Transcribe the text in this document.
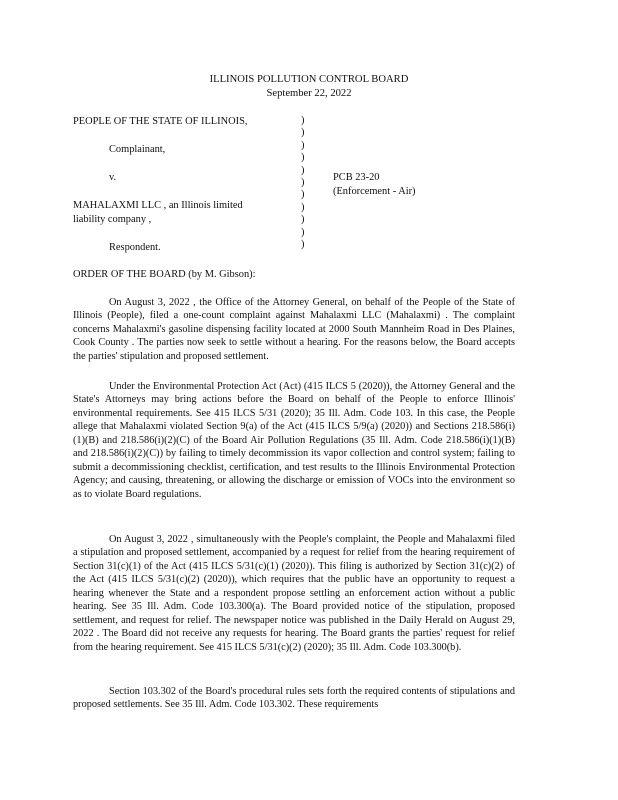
ILLINOIS POLLUTION CONTROL BOARD
September 22, 2022
PEOPLE OF THE STATE OF ILLINOIS,
Complainant,
v.	PCB 23-20
(Enforcement - Air)
MAHALAXMI LLC , an Illinois limited
liability company ,
Respondent.
)
)
)
)
)
)
)
)
)
)
)
ORDER OF THE BOARD (by M. Gibson):
On August 3, 2022 , the Office of the Attorney General, on behalf of the People of the State of Illinois (People), filed a one-count complaint against Mahalaxmi LLC (Mahalaxmi) . The complaint concerns Mahalaxmi's gasoline dispensing facility located at 2000 South Mannheim Road in Des Plaines, Cook County . The parties now seek to settle without a hearing. For the reasons below, the Board accepts the parties' stipulation and proposed settlement.
Under the Environmental Protection Act (Act) (415 ILCS 5 (2020)), the Attorney General and the State's Attorneys may bring actions before the Board on behalf of the People to enforce Illinois' environmental requirements. See 415 ILCS 5/31 (2020); 35 Ill. Adm. Code 103. In this case, the People allege that Mahalaxmi violated Section 9(a) of the Act (415 ILCS 5/9(a) (2020)) and Sections 218.586(i)(1)(B) and 218.586(i)(2)(C) of the Board Air Pollution Regulations (35 Ill. Adm. Code 218.586(i)(1)(B) and 218.586(i)(2)(C)) by failing to timely decommission its vapor collection and control system; failing to submit a decommissioning checklist, certification, and test results to the Illinois Environmental Protection Agency; and causing, threatening, or allowing the discharge or emission of VOCs into the environment so as to violate Board regulations.
On August 3, 2022 , simultaneously with the People's complaint, the People and Mahalaxmi filed a stipulation and proposed settlement, accompanied by a request for relief from the hearing requirement of Section 31(c)(1) of the Act (415 ILCS 5/31(c)(1) (2020)). This filing is authorized by Section 31(c)(2) of the Act (415 ILCS 5/31(c)(2) (2020)), which requires that the public have an opportunity to request a hearing whenever the State and a respondent propose settling an enforcement action without a public hearing. See 35 Ill. Adm. Code 103.300(a). The Board provided notice of the stipulation, proposed settlement, and request for relief. The newspaper notice was published in the Daily Herald on August 29, 2022 . The Board did not receive any requests for hearing. The Board grants the parties' request for relief from the hearing requirement. See 415 ILCS 5/31(c)(2) (2020); 35 Ill. Adm. Code 103.300(b).
Section 103.302 of the Board's procedural rules sets forth the required contents of stipulations and proposed settlements. See 35 Ill. Adm. Code 103.302. These requirements
